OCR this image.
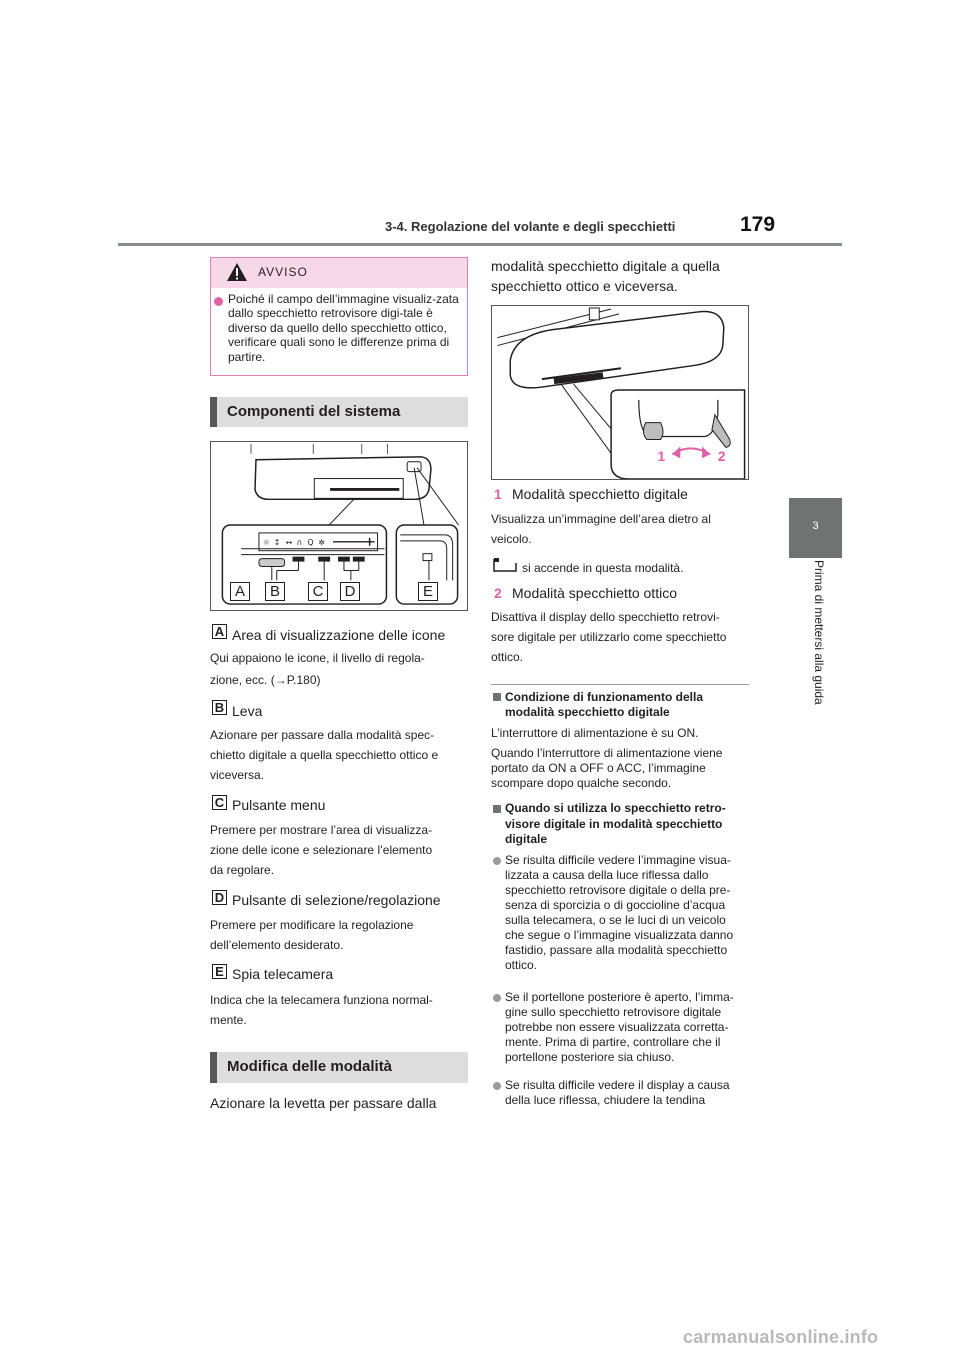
3-4. Regolazione del volante e degli specchietti	179
3
Prima di mettersi alla guida
AVVISO
Poiché il campo dell’immagine visualiz-zata dallo specchietto retrovisore digi-tale è diverso da quello dello specchietto ottico, verificare quali sono le differenze prima di partire.
Componenti del sistema
☼ ↕ ↔ ∩ Q ✲
A	B	C	D	E
A Area di visualizzazione delle icone
Qui appaiono le icone, il livello di regola-
zione, ecc. (→P.180)
B Leva
Azionare per passare dalla modalità spec-
chietto digitale a quella specchietto ottico e
viceversa.
C Pulsante menu
Premere per mostrare l’area di visualizza-
zione delle icone e selezionare l’elemento
da regolare.
D Pulsante di selezione/regolazione
Premere per modificare la regolazione
dell’elemento desiderato.
E Spia telecamera
Indica che la telecamera funziona normal-
mente.
Modifica delle modalità
Azionare la levetta per passare dalla
modalità specchietto digitale a quella
specchietto ottico e viceversa.
1	2
1 Modalità specchietto digitale
Visualizza un’immagine dell’area dietro al
veicolo.
si accende in questa modalità.
2 Modalità specchietto ottico
Disattiva il display dello specchietto retrovi-
sore digitale per utilizzarlo come specchietto
ottico.
Condizione di funzionamento della
modalità specchietto digitale
L’interruttore di alimentazione è su ON.
Quando l’interruttore di alimentazione viene
portato da ON a OFF o ACC, l’immagine
scompare dopo qualche secondo.
Quando si utilizza lo specchietto retro-
visore digitale in modalità specchietto
digitale
Se risulta difficile vedere l’immagine visua-
lizzata a causa della luce riflessa dallo
specchietto retrovisore digitale o della pre-
senza di sporcizia o di goccioline d’acqua
sulla telecamera, o se le luci di un veicolo
che segue o l’immagine visualizzata danno
fastidio, passare alla modalità specchietto
ottico.
Se il portellone posteriore è aperto, l’imma-
gine sullo specchietto retrovisore digitale
potrebbe non essere visualizzata corretta-
mente. Prima di partire, controllare che il
portellone posteriore sia chiuso.
Se risulta difficile vedere il display a causa
della luce riflessa, chiudere la tendina
carmanualsonline.info
